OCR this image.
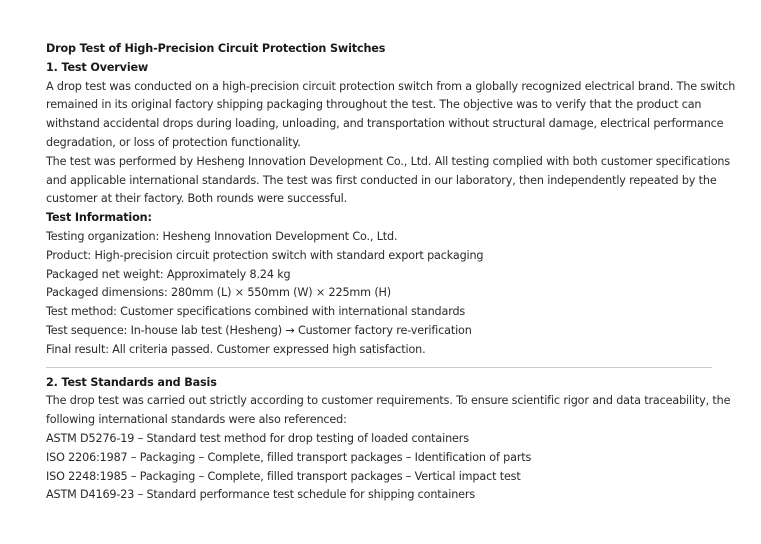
Drop Test of High-Precision Circuit Protection Switches
1. Test Overview
A drop test was conducted on a high-precision circuit protection switch from a globally recognized electrical brand. The switch
remained in its original factory shipping packaging throughout the test. The objective was to verify that the product can
withstand accidental drops during loading, unloading, and transportation without structural damage, electrical performance
degradation, or loss of protection functionality.
The test was performed by Hesheng Innovation Development Co., Ltd. All testing complied with both customer specifications
and applicable international standards. The test was first conducted in our laboratory, then independently repeated by the
customer at their factory. Both rounds were successful.
Test Information:
Testing organization: Hesheng Innovation Development Co., Ltd.
Product: High-precision circuit protection switch with standard export packaging
Packaged net weight: Approximately 8.24 kg
Packaged dimensions: 280mm (L) × 550mm (W) × 225mm (H)
Test method: Customer specifications combined with international standards
Test sequence: In-house lab test (Hesheng) → Customer factory re-verification
Final result: All criteria passed. Customer expressed high satisfaction.
2. Test Standards and Basis
The drop test was carried out strictly according to customer requirements. To ensure scientific rigor and data traceability, the
following international standards were also referenced:
ASTM D5276-19 – Standard test method for drop testing of loaded containers
ISO 2206:1987 – Packaging – Complete, filled transport packages – Identification of parts
ISO 2248:1985 – Packaging – Complete, filled transport packages – Vertical impact test
ASTM D4169-23 – Standard performance test schedule for shipping containers
